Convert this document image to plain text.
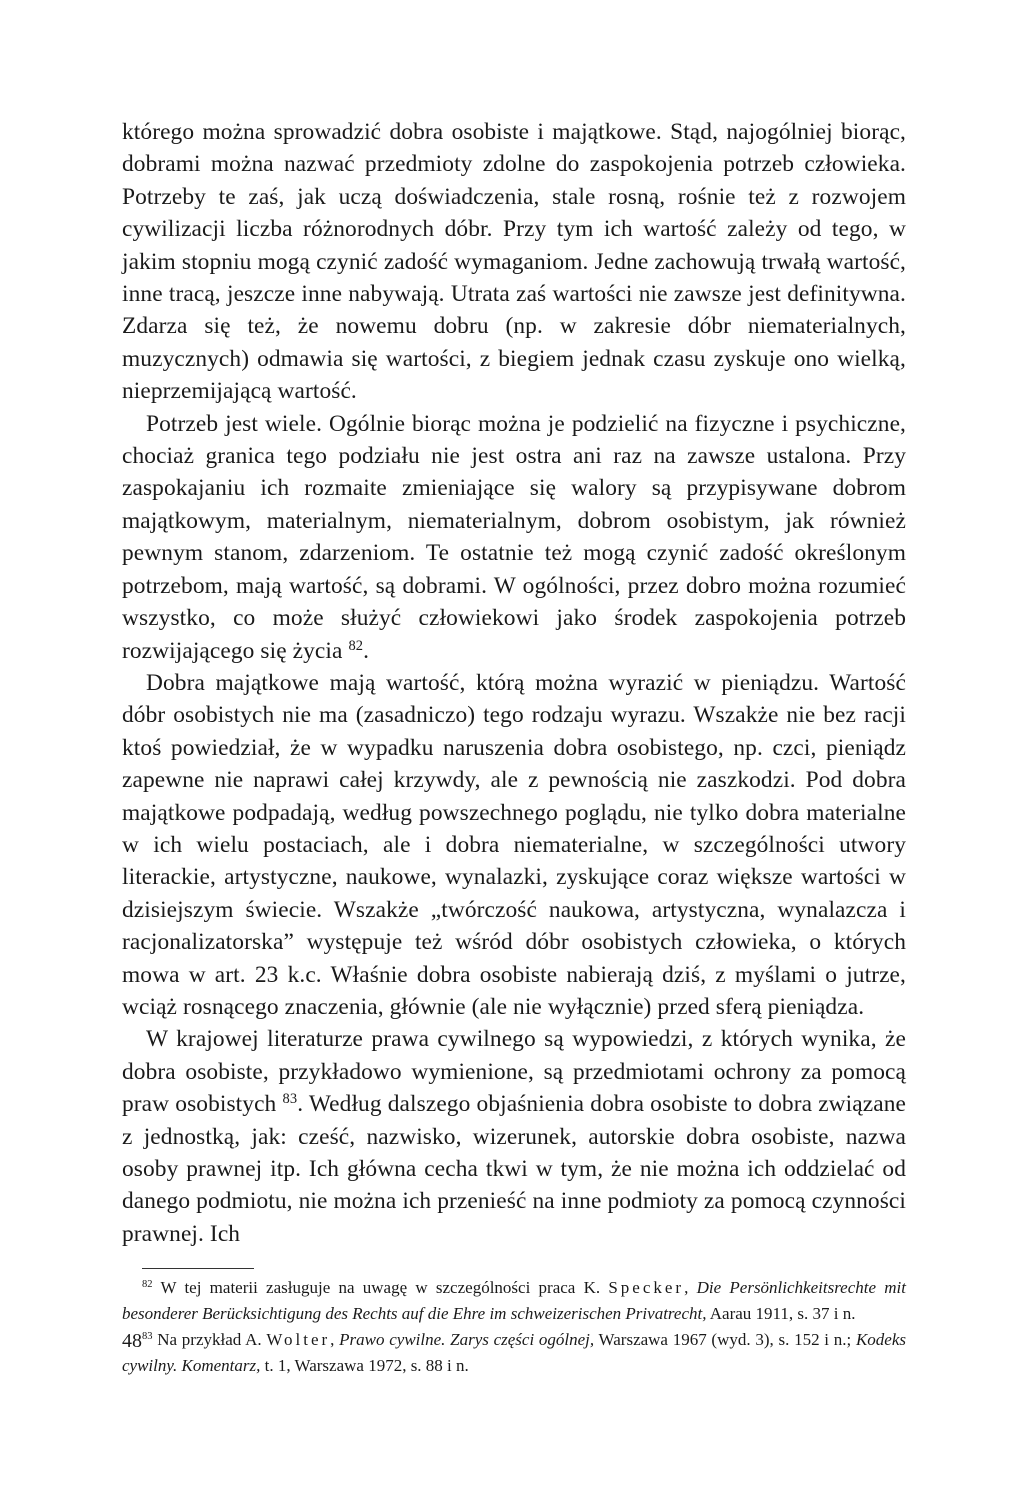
którego można sprowadzić dobra osobiste i majątkowe. Stąd, najogólniej biorąc, dobrami można nazwać przedmioty zdolne do zaspokojenia potrzeb człowieka. Potrzeby te zaś, jak uczą doświadczenia, stale rosną, rośnie też z rozwojem cywilizacji liczba różnorodnych dóbr. Przy tym ich wartość zależy od tego, w jakim stopniu mogą czynić zadość wymaganiom. Jedne zachowują trwałą wartość, inne tracą, jeszcze inne nabywają. Utrata zaś wartości nie zawsze jest definitywna. Zdarza się też, że nowemu dobru (np. w zakresie dóbr niematerialnych, muzycznych) odmawia się wartości, z biegiem jednak czasu zyskuje ono wielką, nieprzemijającą wartość.

Potrzeb jest wiele. Ogólnie biorąc można je podzielić na fizyczne i psychiczne, chociaż granica tego podziału nie jest ostra ani raz na zawsze ustalona. Przy zaspokajaniu ich rozmaite zmieniające się walory są przypisywane dobrom majątkowym, materialnym, niematerialnym, dobrom osobistym, jak również pewnym stanom, zdarzeniom. Te ostatnie też mogą czynić zadość określonym potrzebom, mają wartość, są dobrami. W ogólności, przez dobro można rozumieć wszystko, co może służyć człowiekowi jako środek zaspokojenia potrzeb rozwijającego się życia $^{82}$.

Dobra majątkowe mają wartość, którą można wyrazić w pieniądzu. Wartość dóbr osobistych nie ma (zasadniczo) tego rodzaju wyrazu. Wszakże nie bez racji ktoś powiedział, że w wypadku naruszenia dobra osobistego, np. czci, pieniądz zapewne nie naprawi całej krzywdy, ale z pewnością nie zaszkodzi. Pod dobra majątkowe podpadają, według powszechnego poglądu, nie tylko dobra materialne w ich wielu postaciach, ale i dobra niematerialne, w szczególności utwory literackie, artystyczne, naukowe, wynalazki, zyskujące coraz większe wartości w dzisiejszym świecie. Wszakże „twórczość naukowa, artystyczna, wynalazcza i racjonalizatorska” występuje też wśród dóbr osobistych człowieka, o których mowa w art. 23 k.c. Właśnie dobra osobiste nabierają dziś, z myślami o jutrze, wciąż rosnącego znaczenia, głównie (ale nie wyłącznie) przed sferą pieniądza.

W krajowej literaturze prawa cywilnego są wypowiedzi, z których wynika, że dobra osobiste, przykładowo wymienione, są przedmiotami ochrony za pomocą praw osobistych $^{83}$. Według dalszego objaśnienia dobra osobiste to dobra związane z jednostką, jak: cześć, nazwisko, wizerunek, autorskie dobra osobiste, nazwa osoby prawnej itp. Ich główna cecha tkwi w tym, że nie można ich oddzielać od danego podmiotu, nie można ich przenieść na inne podmioty za pomocą czynności prawnej. Ich

$^{82}$ W tej materii zasługuje na uwagę w szczególności praca K. Specker, Die Persönlichkeitsrechte mit besonderer Berücksichtigung des Rechts auf die Ehre im schweizerischen Privatrecht, Aarau 1911, s. 37 i n.

$^{83}$ Na przykład A. Wolter, Prawo cywilne. Zarys części ogólnej, Warszawa 1967 (wyd. 3), s. 152 i n.; Kodeks cywilny. Komentarz, t. 1, Warszawa 1972, s. 88 i n.

48
